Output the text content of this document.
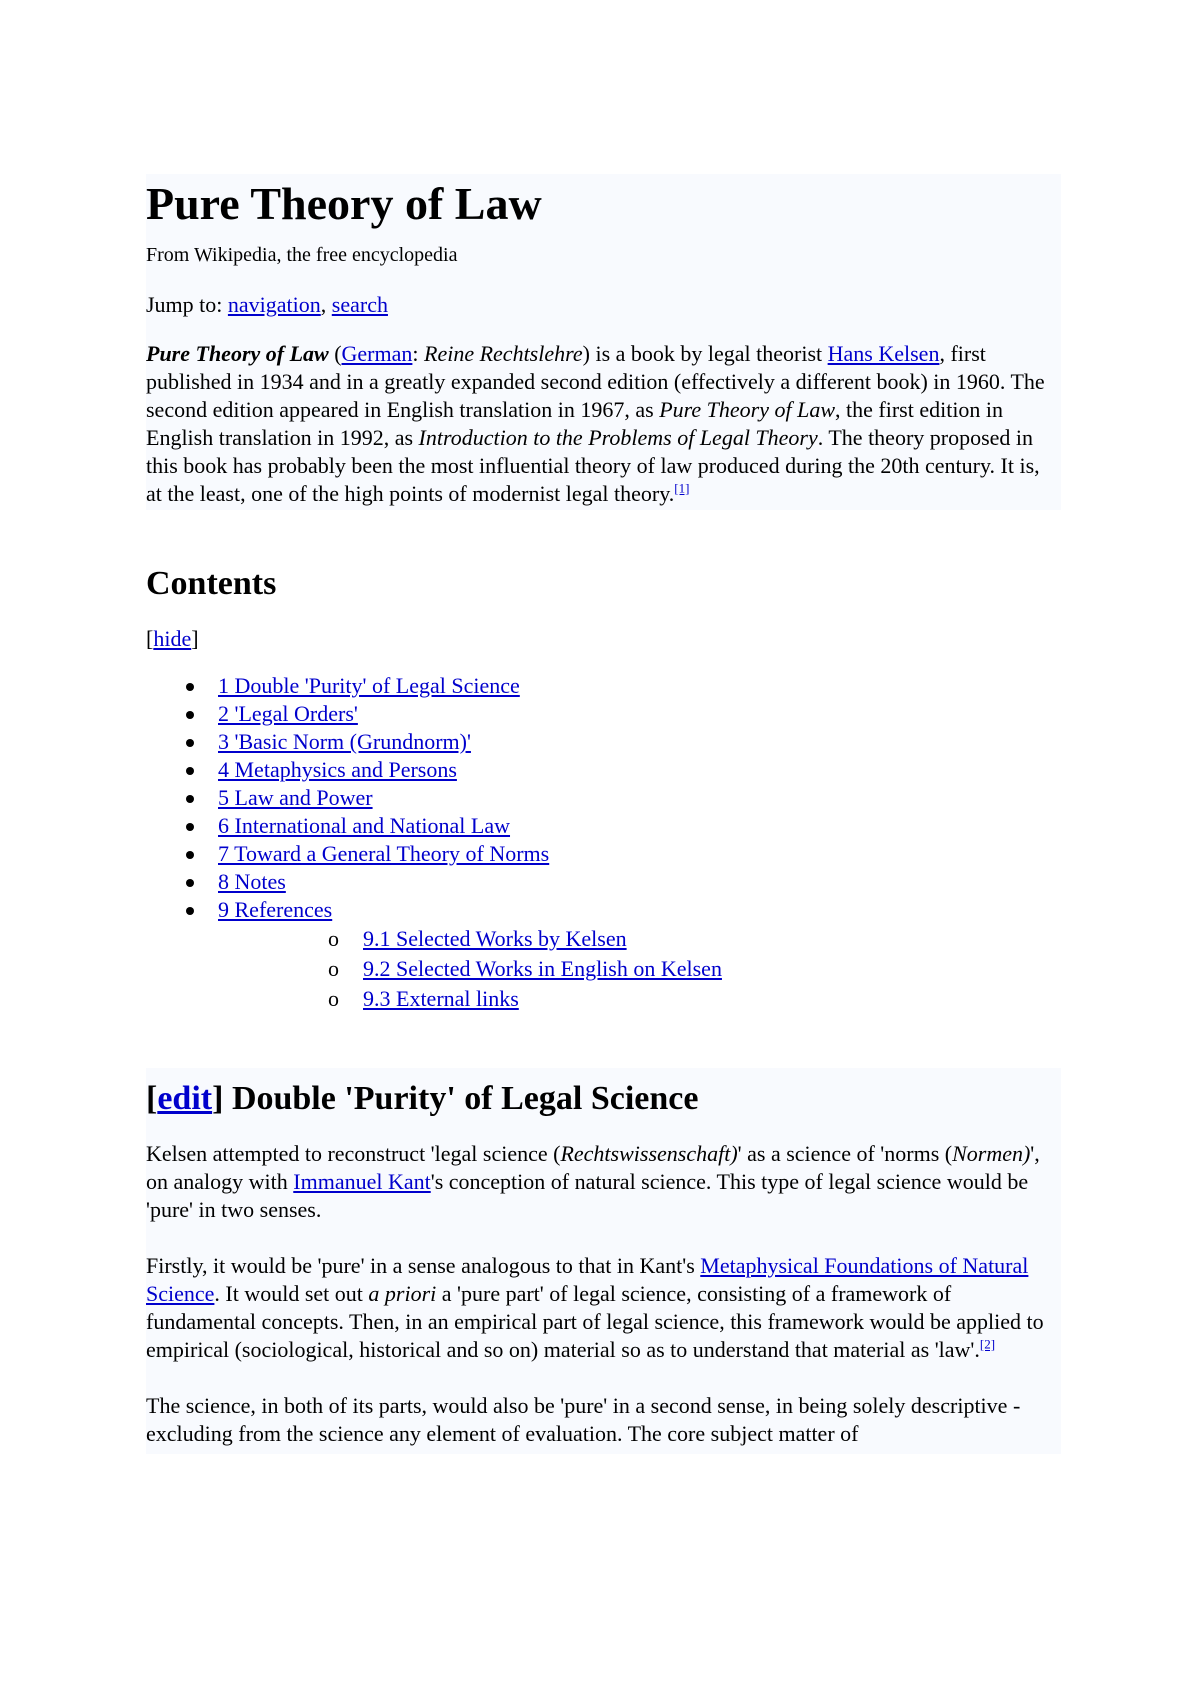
Pure Theory of Law
From Wikipedia, the free encyclopedia
Jump to: navigation, search

Pure Theory of Law (German: Reine Rechtslehre) is a book by legal theorist Hans Kelsen, first published in 1934 and in a greatly expanded second edition (effectively a different book) in 1960. The second edition appeared in English translation in 1967, as Pure Theory of Law, the first edition in English translation in 1992, as Introduction to the Problems of Legal Theory. The theory proposed in this book has probably been the most influential theory of law produced during the 20th century. It is, at the least, one of the high points of modernist legal theory.[1]

Contents
[hide]
1 Double 'Purity' of Legal Science
2 'Legal Orders'
3 'Basic Norm (Grundnorm)'
4 Metaphysics and Persons
5 Law and Power
6 International and National Law
7 Toward a General Theory of Norms
8 Notes
9 References
o 9.1 Selected Works by Kelsen
o 9.2 Selected Works in English on Kelsen
o 9.3 External links
[edit] Double 'Purity' of Legal Science

Kelsen attempted to reconstruct 'legal science (Rechtswissenschaft)' as a science of 'norms (Normen)', on analogy with Immanuel Kant's conception of natural science. This type of legal science would be 'pure' in two senses.

Firstly, it would be 'pure' in a sense analogous to that in Kant's Metaphysical Foundations of Natural Science. It would set out a priori a 'pure part' of legal science, consisting of a framework of fundamental concepts. Then, in an empirical part of legal science, this framework would be applied to empirical (sociological, historical and so on) material so as to understand that material as 'law'.[2]

The science, in both of its parts, would also be 'pure' in a second sense, in being solely descriptive - excluding from the science any element of evaluation. The core subject matter of
